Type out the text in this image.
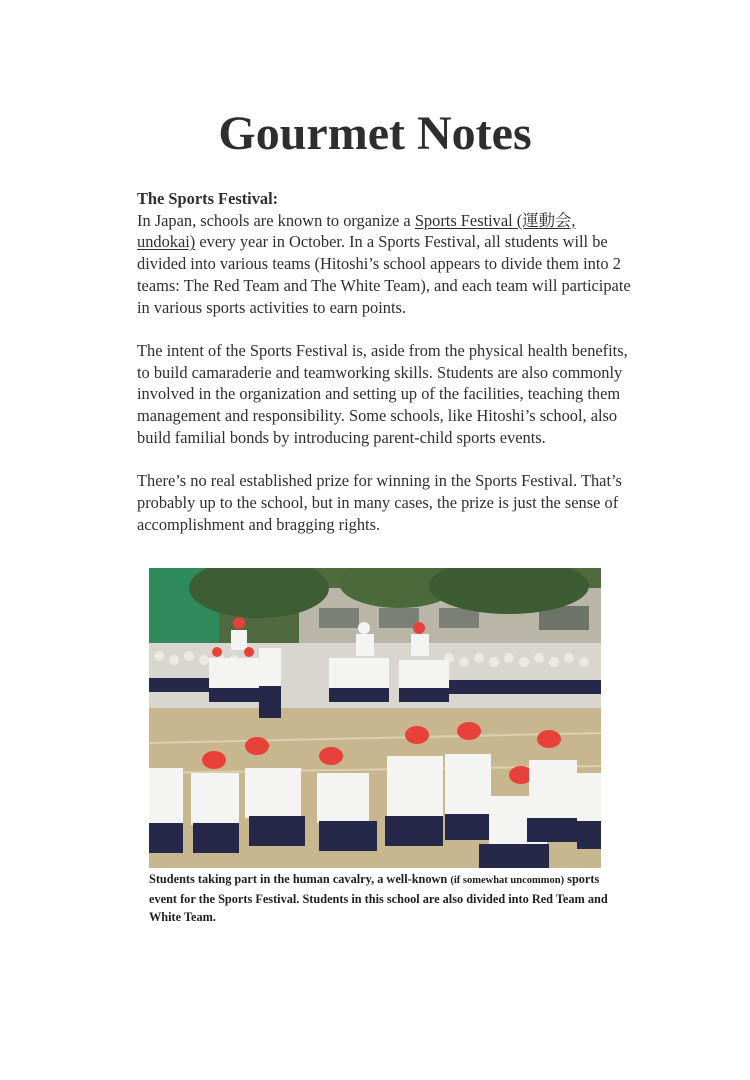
Gourmet Notes

The Sports Festival:
In Japan, schools are known to organize a Sports Festival (運動会, undokai) every year in October. In a Sports Festival, all students will be divided into various teams (Hitoshi’s school appears to divide them into 2 teams: The Red Team and The White Team), and each team will participate in various sports activities to earn points.

The intent of the Sports Festival is, aside from the physical health benefits, to build camaraderie and teamworking skills. Students are also commonly involved in the organization and setting up of the facilities, teaching them management and responsibility. Some schools, like Hitoshi’s school, also build familial bonds by introducing parent-child sports events.

There’s no real established prize for winning in the Sports Festival. That’s probably up to the school, but in many cases, the prize is just the sense of accomplishment and bragging rights.

Students taking part in the human cavalry, a well-known (if somewhat uncommon) sports event for the Sports Festival. Students in this school are also divided into Red Team and White Team.
